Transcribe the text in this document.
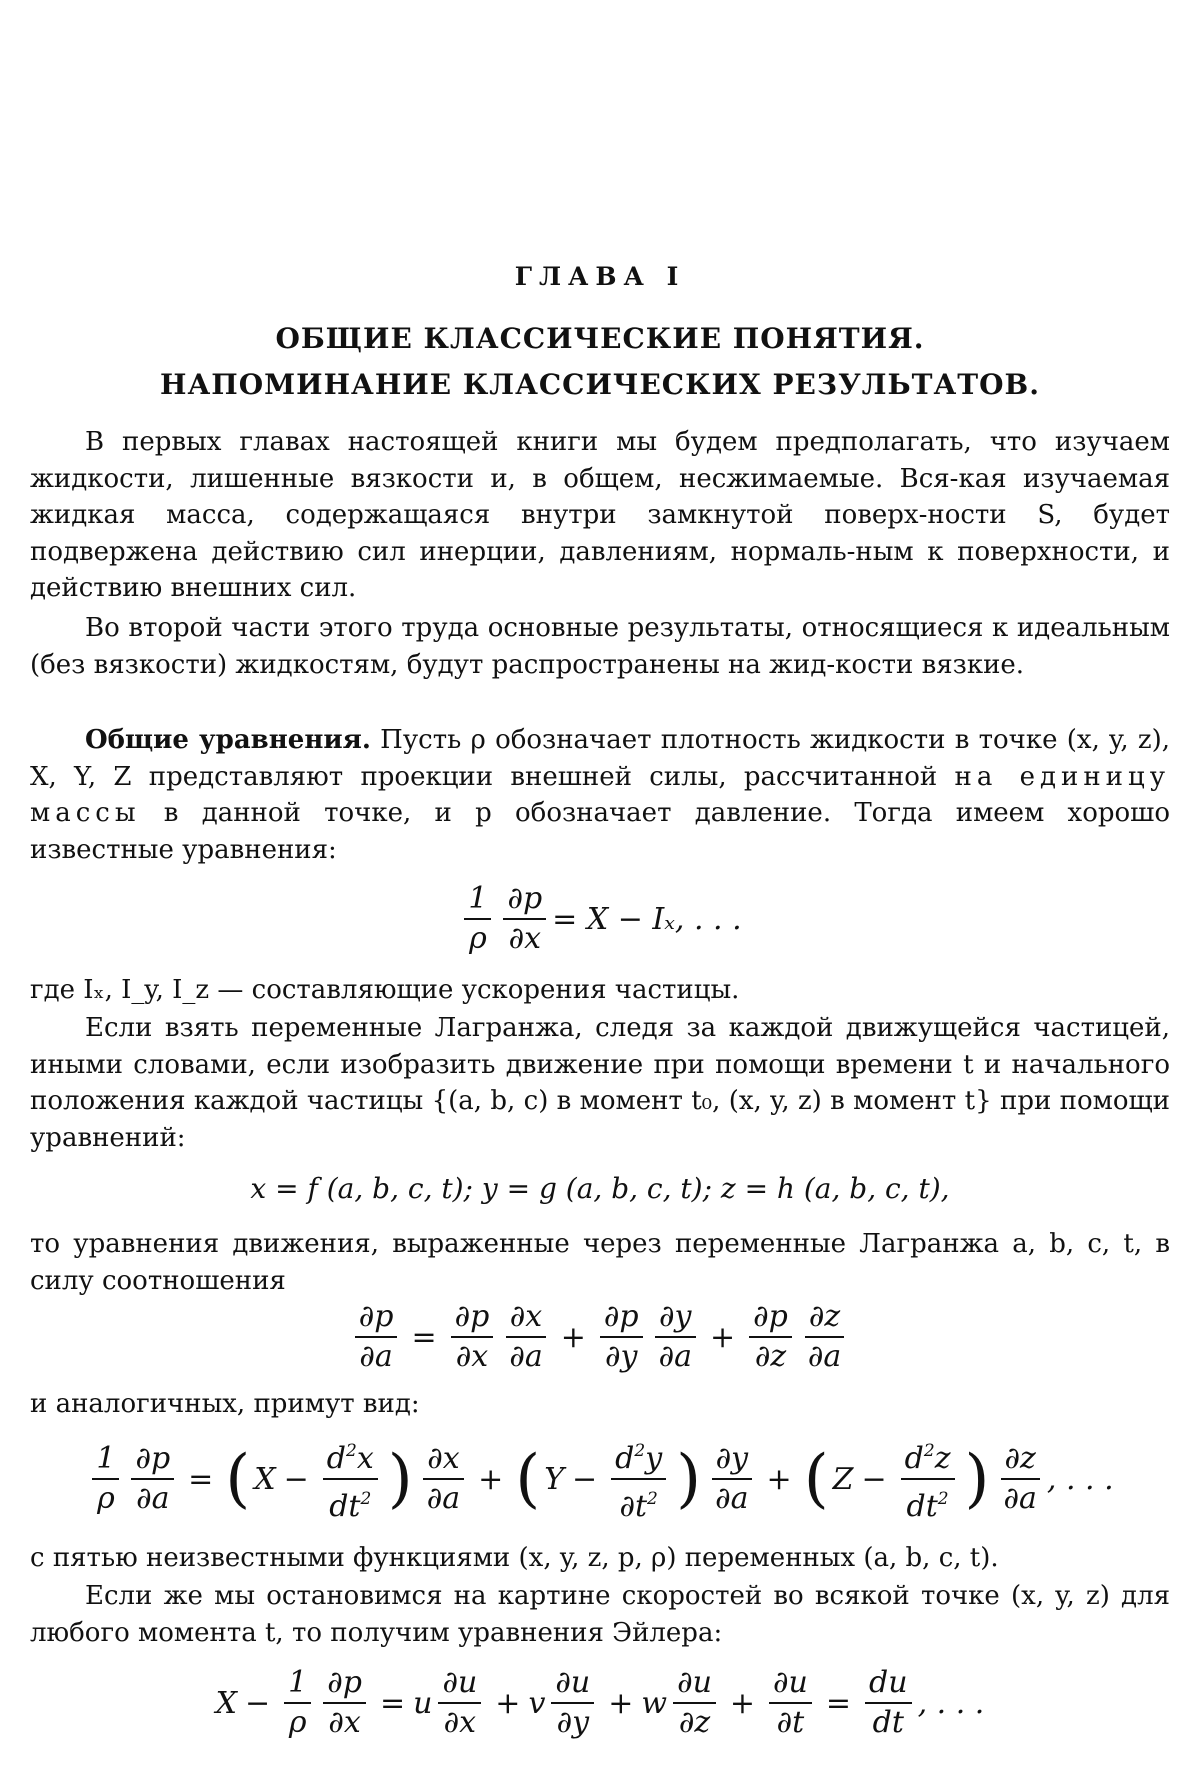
ГЛАВА I
ОБЩИЕ КЛАССИЧЕСКИЕ ПОНЯТИЯ.
НАПОМИНАНИЕ КЛАССИЧЕСКИХ РЕЗУЛЬТАТОВ.
В первых главах настоящей книги мы будем предполагать, что изучаем жидкости, лишенные вязкости и, в общем, несжимаемые. Вся-кая изучаемая жидкая масса, содержащаяся внутри замкнутой поверх-ности S, будет подвержена действию сил инерции, давлениям, нормаль-ным к поверхности, и действию внешних сил.
Во второй части этого труда основные результаты, относящиеся к идеальным (без вязкости) жидкостям, будут распространены на жид-кости вязкие.
Общие уравнения. Пусть ρ обозначает плотность жидкости в точке (x, y, z), X, Y, Z представляют проекции внешней силы, рассчитанной на единицу массы в данной точке, и p обозначает давление. Тогда имеем хорошо известные уравнения:
$\frac{1}{\rho} \frac{\partial p}{\partial x} = X - I_x$, . . .
где Iₓ, I_y, I_z — составляющие ускорения частицы.
Если взять переменные Лагранжа, следя за каждой движущейся частицей, иными словами, если изобразить движение при помощи времени t и начального положения каждой частицы {(a, b, c) в момент t₀, (x, y, z) в момент t} при помощи уравнений:
x = f (a, b, c, t); y = g (a, b, c, t); z = h (a, b, c, t),
то уравнения движения, выраженные через переменные Лагранжа a, b, c, t, в силу соотношения
$\frac{\partial p}{\partial a} = \frac{\partial p}{\partial x} \frac{\partial x}{\partial a} + \frac{\partial p}{\partial y} \frac{\partial y}{\partial a} + \frac{\partial p}{\partial z} \frac{\partial z}{\partial a}$
и аналогичных, примут вид:
$\frac{1}{\rho} \frac{\partial p}{\partial a}$ = ( $X - \frac{d^2x}{dt^2}$ ) $\frac{\partial x}{\partial a}$ + ( $Y - \frac{d^2y}{\partial t^2}$ ) $\frac{\partial y}{\partial a}$ + ( $Z - \frac{d^2z}{dt^2}$ ) $\frac{\partial z}{\partial a}$ , . . .
с пятью неизвестными функциями (x, y, z, p, ρ) переменных (a, b, c, t).
Если же мы остановимся на картине скоростей во всякой точке (x, y, z) для любого момента t, то получим уравнения Эйлера:
$X - \frac{1}{\rho} \frac{\partial p}{\partial x} = u \frac{\partial u}{\partial x} + v \frac{\partial u}{\partial y} + w \frac{\partial u}{\partial z} + \frac{\partial u}{\partial t} = \frac{du}{dt}$ , . . .
